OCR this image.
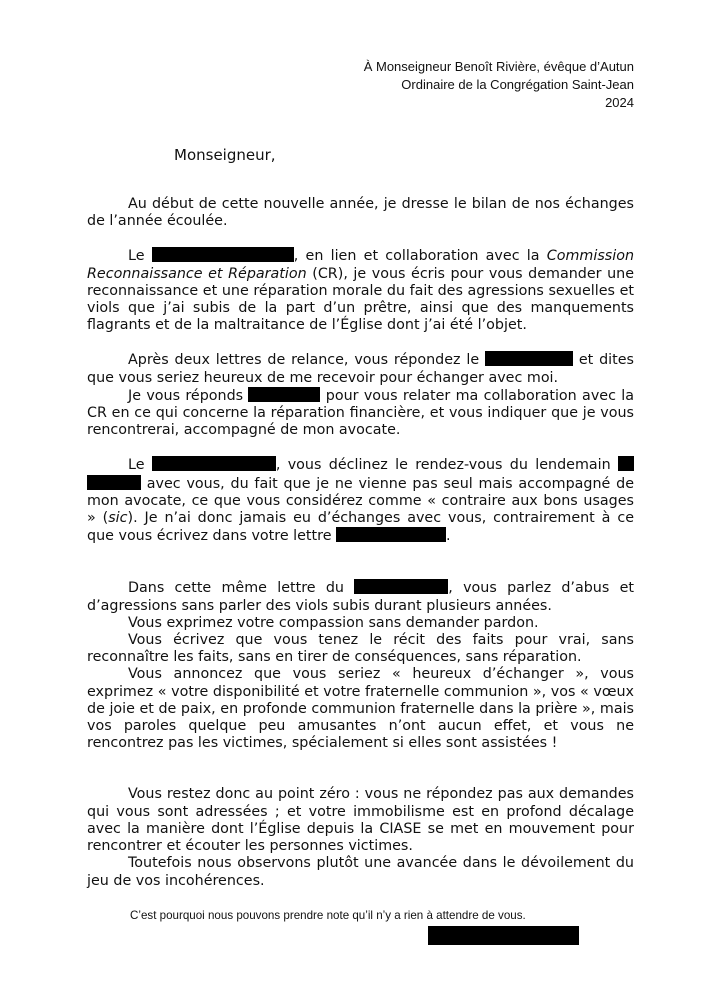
À Monseigneur Benoît Rivière, évêque d’Autun
Ordinaire de la Congrégation Saint-Jean
2024
Monseigneur,

Au début de cette nouvelle année, je dresse le bilan de nos échanges de l’année écoulée.

Le	, en lien et collaboration avec la Commission Reconnaissance et Réparation (CR), je vous écris pour vous demander une reconnaissance et une réparation morale du fait des agressions sexuelles et viols que j’ai subis de la part d’un prêtre, ainsi que des manquements flagrants et de la maltraitance de l’Église dont j’ai été l’objet.

Après deux lettres de relance, vous répondez le	et dites que vous seriez heureux de me recevoir pour échanger avec moi.

Je vous réponds	pour vous relater ma collaboration avec la CR en ce qui concerne la réparation financière, et vous indiquer que je vous rencontrerai, accompagné de mon avocate.

Le	, vous déclinez le rendez-vous du lendemain   avec vous, du fait que je ne vienne pas seul mais accompagné de mon avocate, ce que vous considérez comme « contraire aux bons usages » (sic). Je n’ai donc jamais eu d’échanges avec vous, contrairement à ce que vous écrivez dans votre lettre	.

Dans cette même lettre du	, vous parlez d’abus et d’agressions sans parler des viols subis durant plusieurs années.

Vous exprimez votre compassion sans demander pardon.

Vous écrivez que vous tenez le récit des faits pour vrai, sans reconnaître les faits, sans en tirer de conséquences, sans réparation.

Vous annoncez que vous seriez « heureux d’échanger », vous exprimez « votre disponibilité et votre fraternelle communion », vos « vœux de joie et de paix, en profonde communion fraternelle dans la prière », mais vos paroles quelque peu amusantes n’ont aucun effet, et vous ne rencontrez pas les victimes, spécialement si elles sont assistées !

Vous restez donc au point zéro : vous ne répondez pas aux demandes qui vous sont adressées ; et votre immobilisme est en profond décalage avec la manière dont l’Église depuis la CIASE se met en mouvement pour rencontrer et écouter les personnes victimes.

Toutefois nous observons plutôt une avancée dans le dévoilement du jeu de vos incohérences.

C’est pourquoi nous pouvons prendre note qu’il n’y a rien à attendre de vous.
